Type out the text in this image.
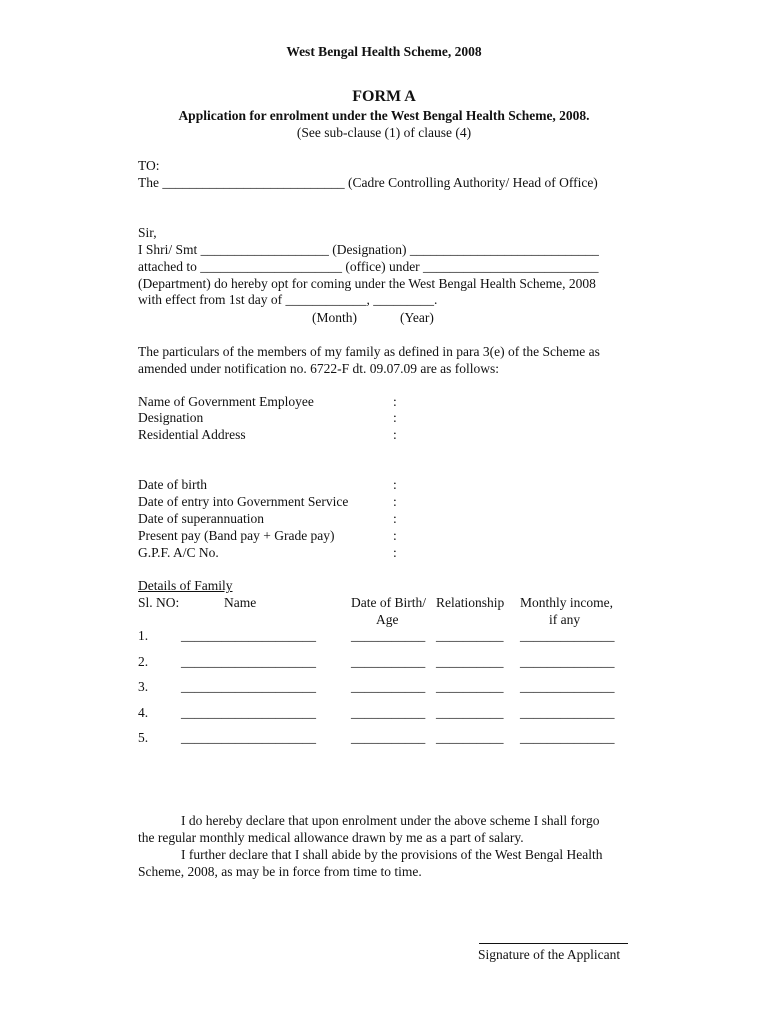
West Bengal Health Scheme, 2008
FORM A
Application for enrolment under the West Bengal Health Scheme, 2008.
(See sub-clause (1) of clause (4)
TO:
The ___________________________ (Cadre Controlling Authority/ Head of Office)
Sir,
I Shri/ Smt ___________________ (Designation) ____________________________
attached to _____________________ (office) under __________________________
(Department) do hereby opt for coming under the West Bengal Health Scheme, 2008
with effect from 1st day of ____________, _________.
(Month)	(Year)
The particulars of the members of my family as defined in para 3(e) of the Scheme as
amended under notification no. 6722-F dt. 09.07.09 are as follows:
Name of Government Employee	:
Designation	:
Residential Address	:
Date of birth	:
Date of entry into Government Service	:
Date of superannuation	:
Present pay (Band pay + Grade pay)	:
G.P.F. A/C No.	:
Details of Family
Sl. NO:	Name	Date of Birth/
Age
Relationship Monthly income,
if any
1. ____________________	___________ __________ ______________
2. ____________________	___________ __________ ______________
3. ____________________	___________ __________ ______________
4. ____________________	___________ __________ ______________
5. ____________________	___________ __________ ______________
I do hereby declare that upon enrolment under the above scheme I shall forgo
the regular monthly medical allowance drawn by me as a part of salary.
I further declare that I shall abide by the provisions of the West Bengal Health
Scheme, 2008, as may be in force from time to time.
Signature of the Applicant
